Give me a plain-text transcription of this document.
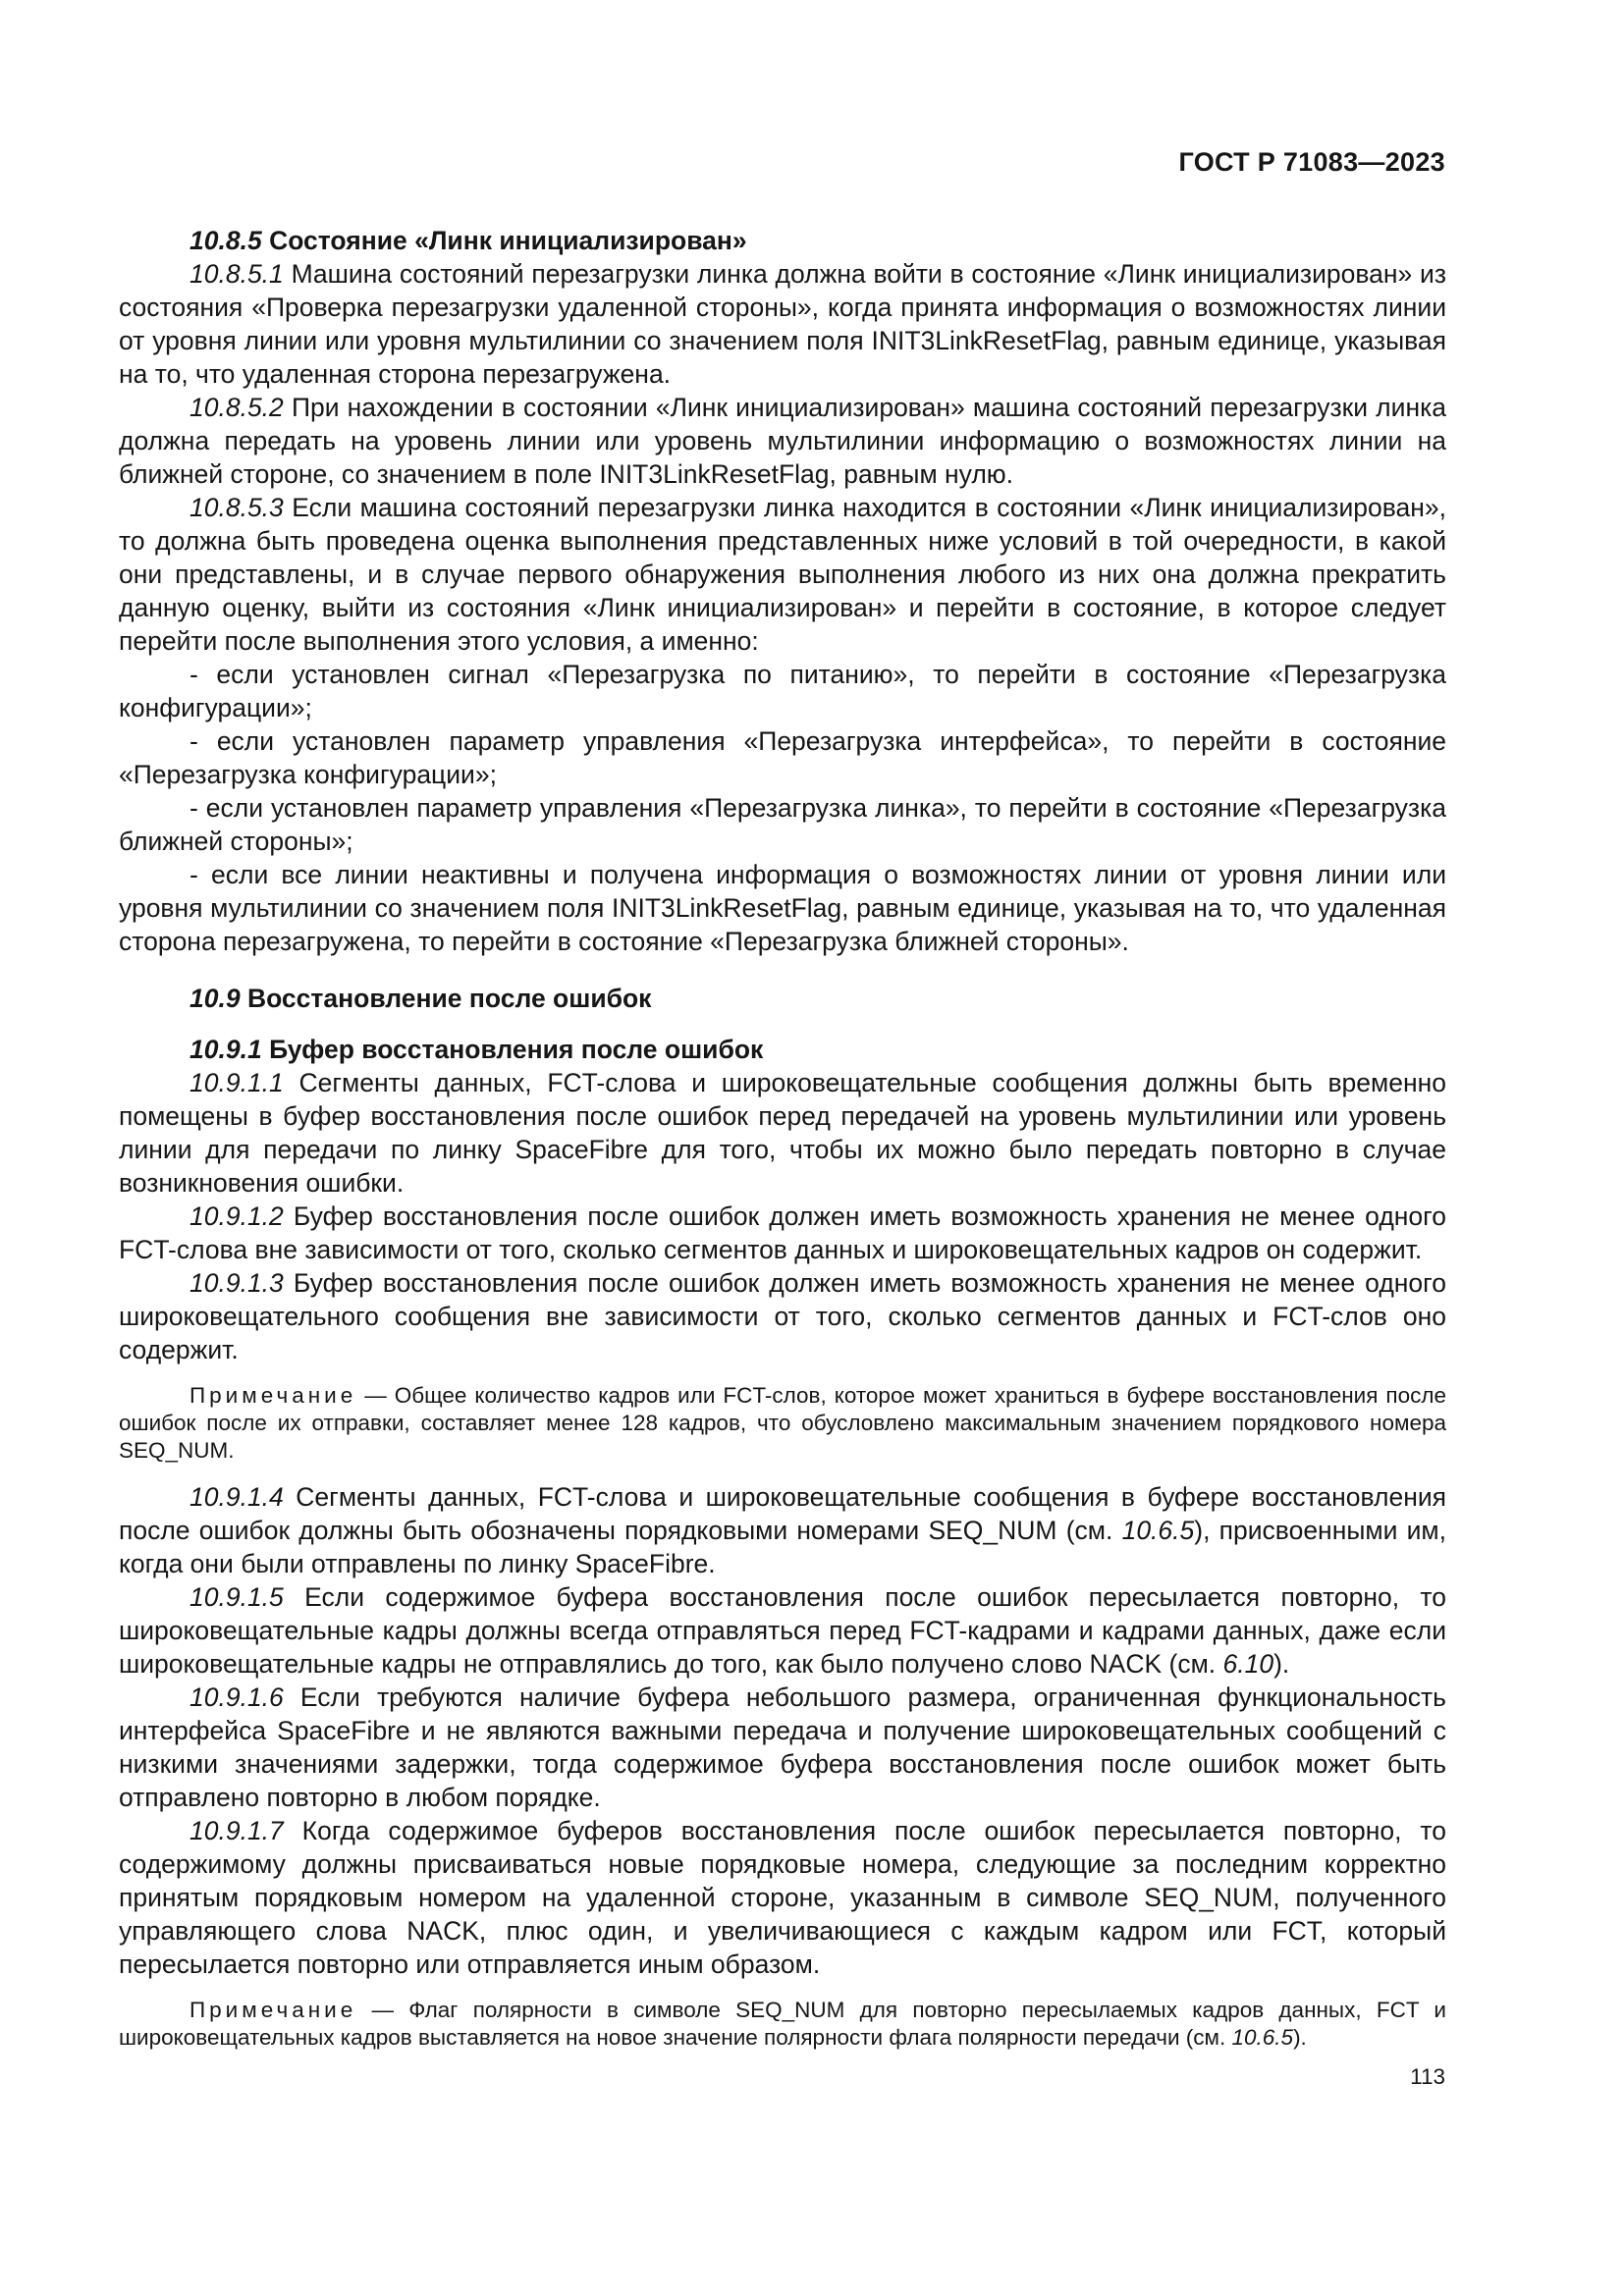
ГОСТ Р 71083—2023
10.8.5 Состояние «Линк инициализирован»

10.8.5.1 Машина состояний перезагрузки линка должна войти в состояние «Линк инициализирован» из состояния «Проверка перезагрузки удаленной стороны», когда принята информация о возможностях линии от уровня линии или уровня мультилинии со значением поля INIT3LinkResetFlag, равным единице, указывая на то, что удаленная сторона перезагружена.

10.8.5.2 При нахождении в состоянии «Линк инициализирован» машина состояний перезагрузки линка должна передать на уровень линии или уровень мультилинии информацию о возможностях линии на ближней стороне, со значением в поле INIT3LinkResetFlag, равным нулю.

10.8.5.3 Если машина состояний перезагрузки линка находится в состоянии «Линк инициализирован», то должна быть проведена оценка выполнения представленных ниже условий в той очередности, в какой они представлены, и в случае первого обнаружения выполнения любого из них она должна прекратить данную оценку, выйти из состояния «Линк инициализирован» и перейти в состояние, в которое следует перейти после выполнения этого условия, а именно:

- если установлен сигнал «Перезагрузка по питанию», то перейти в состояние «Перезагрузка конфигурации»;

- если установлен параметр управления «Перезагрузка интерфейса», то перейти в состояние «Перезагрузка конфигурации»;

- если установлен параметр управления «Перезагрузка линка», то перейти в состояние «Перезагрузка ближней стороны»;

- если все линии неактивны и получена информация о возможностях линии от уровня линии или уровня мультилинии со значением поля INIT3LinkResetFlag, равным единице, указывая на то, что удаленная сторона перезагружена, то перейти в состояние «Перезагрузка ближней стороны».

10.9 Восстановление после ошибок
10.9.1 Буфер восстановления после ошибок

10.9.1.1 Сегменты данных, FCT-слова и широковещательные сообщения должны быть временно помещены в буфер восстановления после ошибок перед передачей на уровень мультилинии или уровень линии для передачи по линку SpaceFibre для того, чтобы их можно было передать повторно в случае возникновения ошибки.

10.9.1.2 Буфер восстановления после ошибок должен иметь возможность хранения не менее одного FCT-слова вне зависимости от того, сколько сегментов данных и широковещательных кадров он содержит.

10.9.1.3 Буфер восстановления после ошибок должен иметь возможность хранения не менее одного широковещательного сообщения вне зависимости от того, сколько сегментов данных и FCT-слов оно содержит.

Примечание — Общее количество кадров или FCT-слов, которое может храниться в буфере восстановления после ошибок после их отправки, составляет менее 128 кадров, что обусловлено максимальным значением порядкового номера SEQ_NUM.

10.9.1.4 Сегменты данных, FCT-слова и широковещательные сообщения в буфере восстановления после ошибок должны быть обозначены порядковыми номерами SEQ_NUM (см. 10.6.5), присвоенными им, когда они были отправлены по линку SpaceFibre.

10.9.1.5 Если содержимое буфера восстановления после ошибок пересылается повторно, то широковещательные кадры должны всегда отправляться перед FCT-кадрами и кадрами данных, даже если широковещательные кадры не отправлялись до того, как было получено слово NACK (см. 6.10).

10.9.1.6 Если требуются наличие буфера небольшого размера, ограниченная функциональность интерфейса SpaceFibre и не являются важными передача и получение широковещательных сообщений с низкими значениями задержки, тогда содержимое буфера восстановления после ошибок может быть отправлено повторно в любом порядке.

10.9.1.7 Когда содержимое буферов восстановления после ошибок пересылается повторно, то содержимому должны присваиваться новые порядковые номера, следующие за последним корректно принятым порядковым номером на удаленной стороне, указанным в символе SEQ_NUM, полученного управляющего слова NACK, плюс один, и увеличивающиеся с каждым кадром или FCT, который пересылается повторно или отправляется иным образом.

Примечание — Флаг полярности в символе SEQ_NUM для повторно пересылаемых кадров данных, FCT и широковещательных кадров выставляется на новое значение полярности флага полярности передачи (см. 10.6.5).

113
